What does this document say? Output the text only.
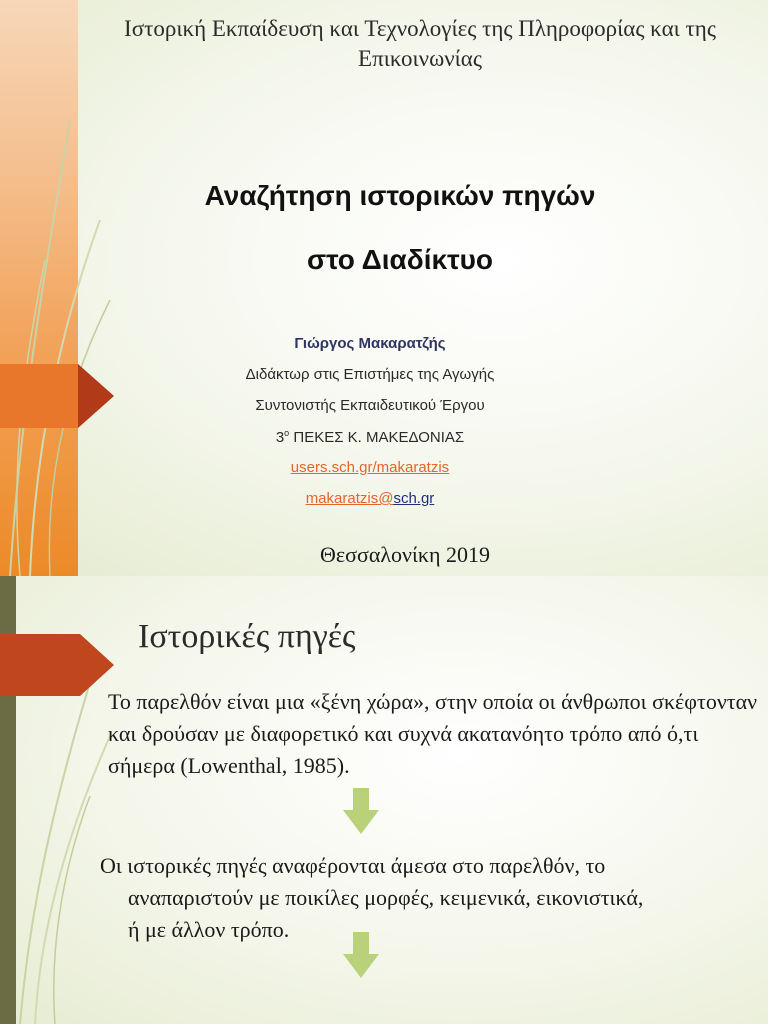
Ιστορική Εκπαίδευση και Τεχνολογίες της Πληροφορίας και της Επικοινωνίας
Αναζήτηση ιστορικών πηγών
στο Διαδίκτυο
Γιώργος Μακαρατζής
Διδάκτωρ στις Επιστήμες της Αγωγής
Συντονιστής Εκπαιδευτικού Έργου
$3^o$ ΠΕΚΕΣ Κ. ΜΑΚΕΔΟΝΙΑΣ
users.sch.gr/makaratzis
makaratzis@sch.gr
Θεσσαλονίκη 2019
Ιστορικές πηγές
Το παρελθόν είναι μια «ξένη χώρα», στην οποία οι άνθρωποι σκέφτονταν και δρούσαν με διαφορετικό και συχνά ακατανόητο τρόπο από ό,τι σήμερα (Lowenthal, 1985).
Οι ιστορικές πηγές αναφέρονται άμεσα στο παρελθόν, το
αναπαριστούν με ποικίλες μορφές, κειμενικά, εικονιστικά,
ή με άλλον τρόπο.
